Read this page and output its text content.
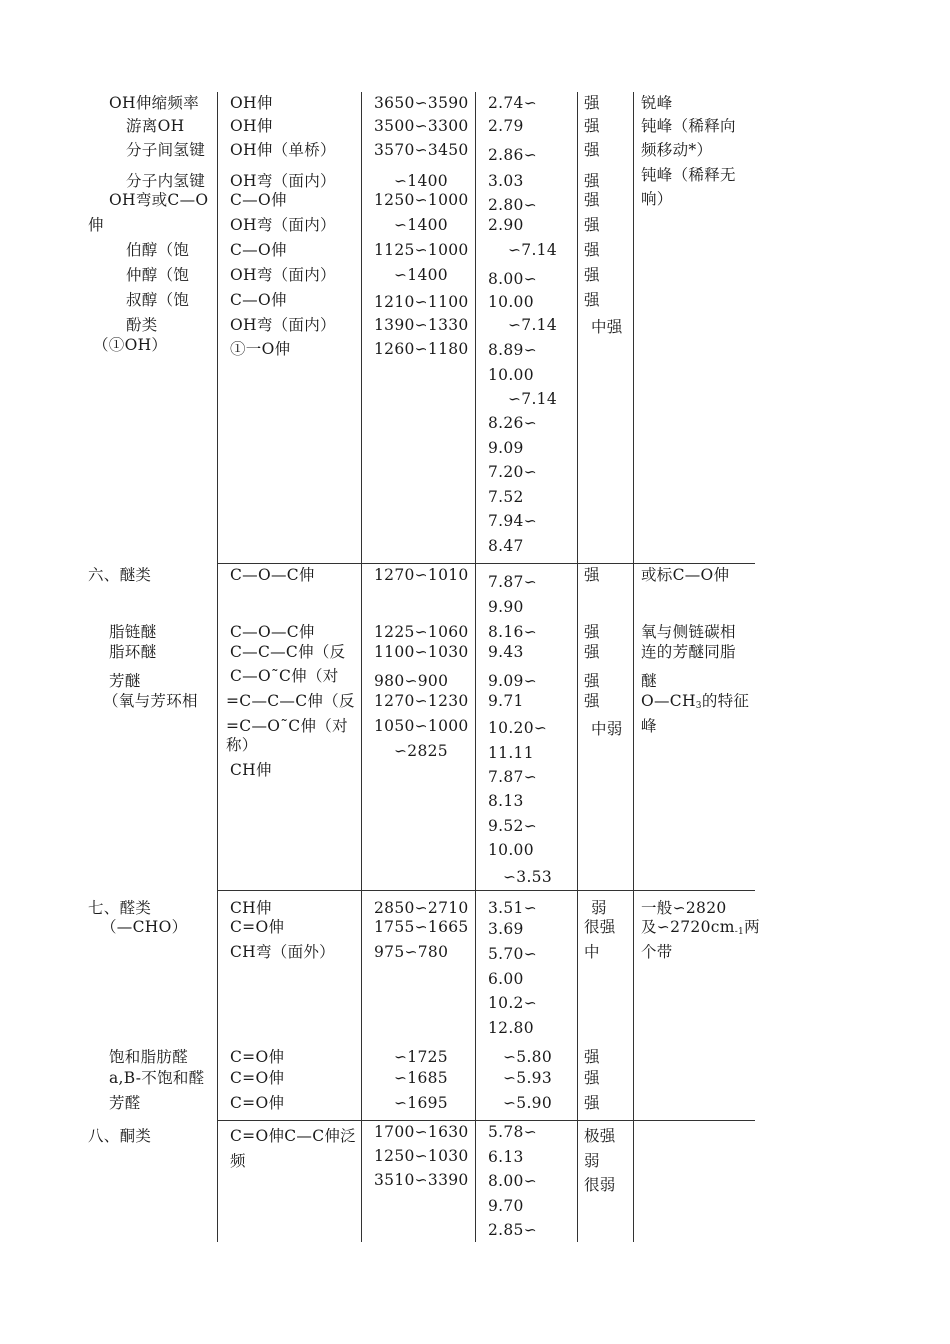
OH伸缩频率
游离OH
分子间氢键
分子内氢键
OH弯或C—O
伸
伯醇（饱
仲醇（饱
叔醇（饱
酚类
（①OH）
OH伸
OH伸
OH伸（单桥）
OH弯（面内）
C—O伸
OH弯（面内）
C—O伸
OH弯（面内）
C—O伸
OH弯（面内）
①一O伸
3650∽3590
3500∽3300
3570∽3450
∽1400
1250∽1000
∽1400
1125∽1000
∽1400
1210∽1100
1390∽1330
1260∽1180
2.74∽
2.79
2.86∽
3.03
2.80∽
2.90
∽7.14
8.00∽
10.00
∽7.14
8.89∽
10.00
∽7.14
8.26∽
9.09
7.20∽
7.52
7.94∽
8.47
强
强
强
强
强
强
强
强
强
中强
锐峰
钝峰（稀释向
频移动*）
钝峰（稀释无
响）
六、醚类
脂链醚
脂环醚
芳醚
（氧与芳环相
C—O—C伸
C—O—C伸
C—C—C伸（反
C—O˜C伸（对
=C—C—C伸（反
=C—O˜C伸（对
称）
CH伸
1270∽1010
1225∽1060
1100∽1030
980∽900
1270∽1230
1050∽1000
∽2825
7.87∽
9.90
8.16∽
9.43
9.09∽
9.71
10.20∽
11.11
7.87∽
8.13
9.52∽
10.00
∽3.53
强
强
强
强
强
中弱
或标C—O伸
氧与侧链碳相
连的芳醚同脂
醚
$O—CH_3$的特征
峰
七、醛类
（—CHO）
饱和脂肪醛
a,B-不饱和醛
芳醛
CH伸
C=O伸
CH弯（面外）
C=O伸
C=O伸
C=O伸
2850∽2710
1755∽1665
975∽780
∽1725
∽1685
∽1695
3.51∽
3.69
5.70∽
6.00
10.2∽
12.80
∽5.80
∽5.93
∽5.90
弱
很强
中
强
强
强
一般∽2820
及$∽2720cm_{-1}$两
个带
八、酮类	C=O伸C—C伸泛
频
1700∽1630
1250∽1030
3510∽3390
5.78∽
6.13
8.00∽
9.70
2.85∽
极强
弱
很弱
